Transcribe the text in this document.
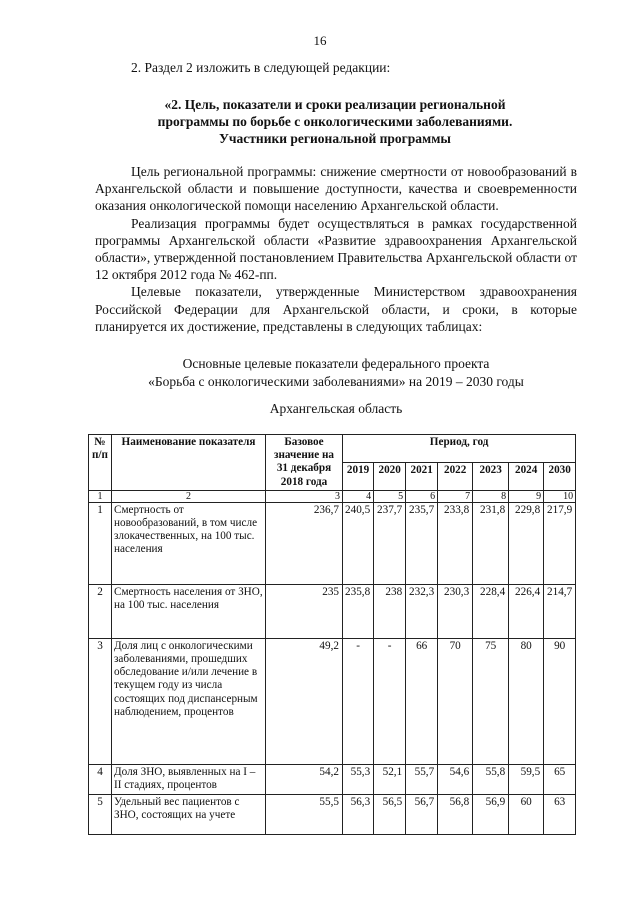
16
2. Раздел 2 изложить в следующей редакции:
«2. Цель, показатели и сроки реализации региональной
программы по борьбе с онкологическими заболеваниями.
Участники региональной программы

Цель региональной программы: снижение смертности от новообразований в Архангельской области и повышение доступности, качества и своевременности оказания онкологической помощи населению Архангельской области.

Реализация программы будет осуществляться в рамках государственной программы Архангельской области «Развитие здравоохранения Архангельской области», утвержденной постановлением Правительства Архангельской области от 12 октября 2012 года № 462-пп.

Целевые показатели, утвержденные Министерством здравоохранения Российской Федерации для Архангельской области, и сроки, в которые планируется их достижение, представлены в следующих таблицах:

Основные целевые показатели федерального проекта
«Борьба с онкологическими заболеваниями» на 2019 – 2030 годы
Архангельская область
№ п/п	Наименование показателя	Базовое значение на 31 декабря 2018 года	Период, год						
			2019	2020	2021	2022	2023	2024	2030
1	2	3	4	5	6	7	8	9	10
1	Смертность от новообразований, в том числе злокачественных, на 100 тыс. населения	236,7	240,5	237,7	235,7	233,8	231,8	229,8	217,9
2	Смертность населения от ЗНО, на 100 тыс. населения	235	235,8	238	232,3	230,3	228,4	226,4	214,7
3	Доля лиц с онкологическими заболеваниями, прошедших обследование и/или лечение в текущем году из числа состоящих под диспансерным наблюдением, процентов	49,2	-	-	66	70	75	80	90
4	Доля ЗНО, выявленных на I – II стадиях, процентов	54,2	55,3	52,1	55,7	54,6	55,8	59,5	65
5	Удельный вес пациентов с ЗНО, состоящих на учете	55,5	56,3	56,5	56,7	56,8	56,9	60	63
